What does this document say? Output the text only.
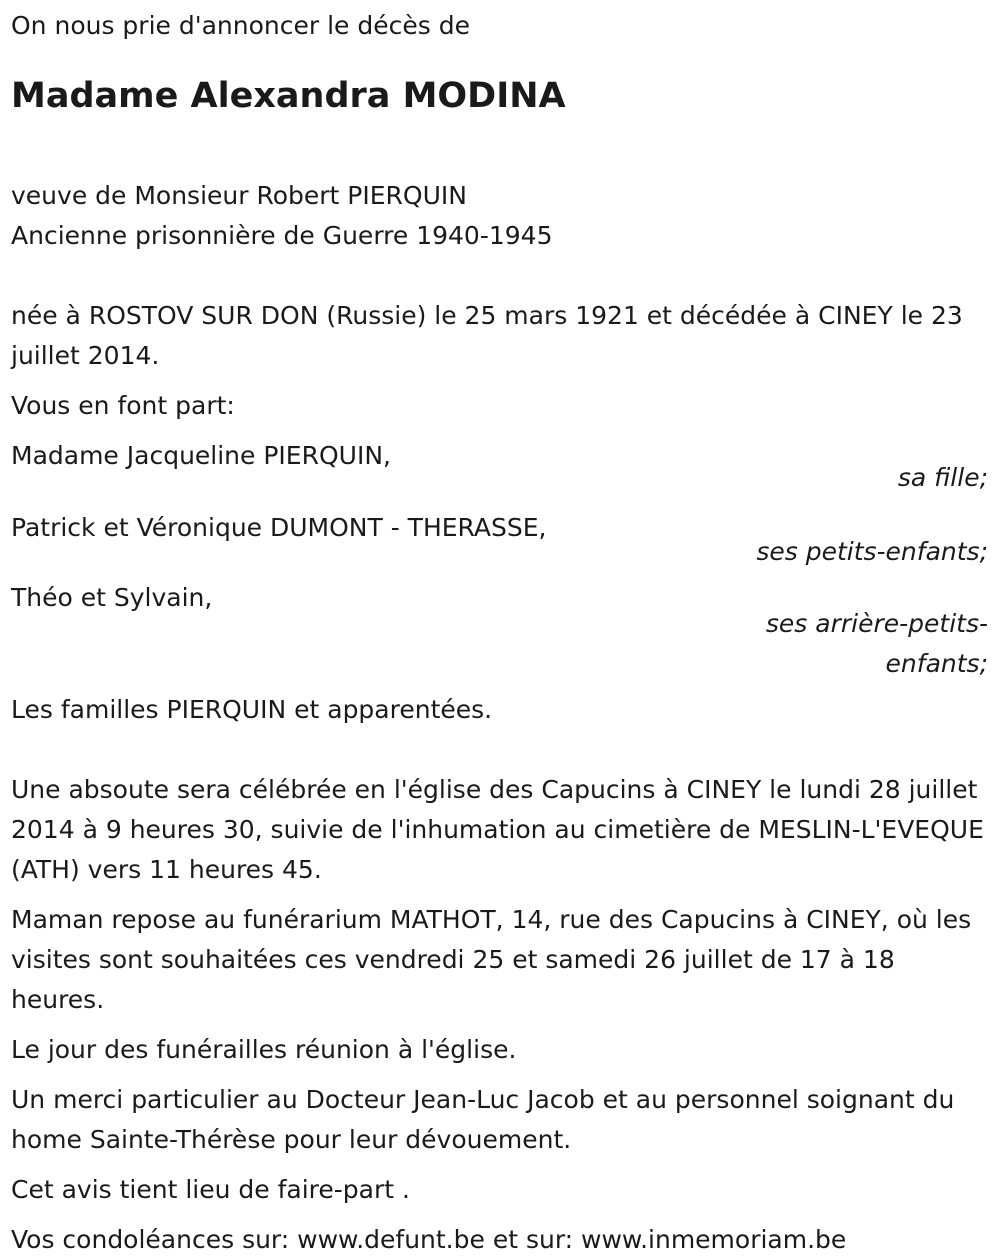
On nous prie d'annoncer le décès de

Madame Alexandra MODINA

veuve de Monsieur Robert PIERQUIN

Ancienne prisonnière de Guerre 1940-1945

née à ROSTOV SUR DON (Russie) le 25 mars 1921 et décédée à CINEY le 23 juillet 2014.

Vous en font part:

Madame Jacqueline PIERQUIN,

sa fille;

Patrick et Véronique DUMONT - THERASSE,

ses petits-enfants;

Théo et Sylvain,

ses arrière-petits-enfants;

Les familles PIERQUIN et apparentées.

Une absoute sera célébrée en l'église des Capucins à CINEY le lundi 28 juillet 2014 à 9 heures 30, suivie de l'inhumation au cimetière de MESLIN-L'EVEQUE (ATH) vers 11 heures 45.

Maman repose au funérarium MATHOT, 14, rue des Capucins à CINEY, où les visites sont souhaitées ces vendredi 25 et samedi 26 juillet de 17 à 18 heures.

Le jour des funérailles réunion à l'église.

Un merci particulier au Docteur Jean-Luc Jacob et au personnel soignant du home Sainte-Thérèse pour leur dévouement.

Cet avis tient lieu de faire-part .

Vos condoléances sur: www.defunt.be et sur: www.inmemoriam.be
